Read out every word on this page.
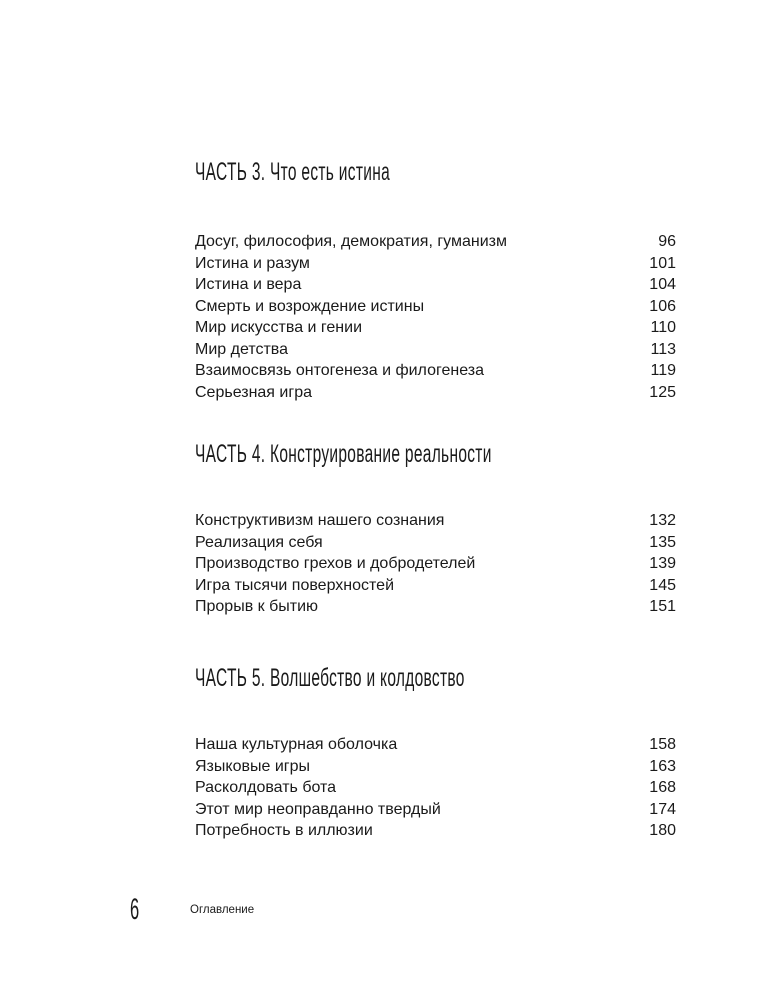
ЧАСТЬ 3. Что есть истина
Досуг, философия, демократия, гуманизм	96
Истина и разум	101
Истина и вера	104
Смерть и возрождение истины	106
Мир искусства и гении	110
Мир детства	113
Взаимосвязь онтогенеза и филогенеза	119
Серьезная игра	125
ЧАСТЬ 4. Конструирование реальности
Конструктивизм нашего сознания	132
Реализация себя	135
Производство грехов и добродетелей	139
Игра тысячи поверхностей	145
Прорыв к бытию	151
ЧАСТЬ 5. Волшебство и колдовство
Наша культурная оболочка	158
Языковые игры	163
Расколдовать бота	168
Этот мир неоправданно твердый	174
Потребность в иллюзии	180
6	Оглавление
